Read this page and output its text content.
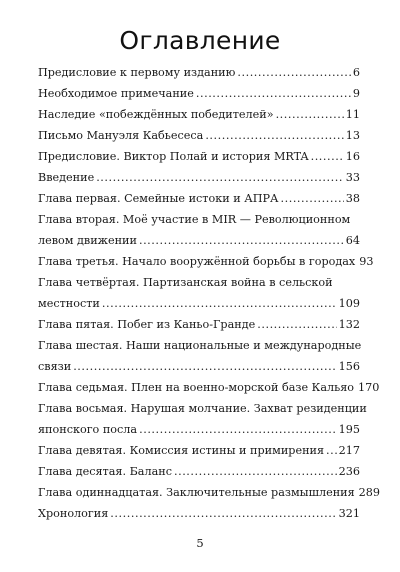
Оглавление
Предисловие к первому изданию . . .	6
Необходимое примечание . . .	9
Наследие «побеждённых победителей» . . .	11
Письмо Мануэля Кабьесеса . . .	13
Предисловие. Виктор Полай и история MRTA . . .	16
Введение . . .	33
Глава первая. Семейные истоки и АПРА . . .	38
Глава вторая. Моё участие в MIR — Революционном
левом движении . . .	64
Глава третья. Начало вооружённой борьбы в городах 93
Глава четвёртая. Партизанская война в сельской
местности . . .	109
Глава пятая. Побег из Каньо-Гранде . . .	132
Глава шестая. Наши национальные и международные
связи . . .	156
Глава седьмая. Плен на военно-морской базе Кальяо 170
Глава восьмая. Нарушая молчание. Захват резиденции
японского посла . . .	195
Глава девятая. Комиссия истины и примирения . . . 217
Глава десятая. Баланс . . .	236
Глава одиннадцатая. Заключительные размышления 289
Хронология . . .	321
5
